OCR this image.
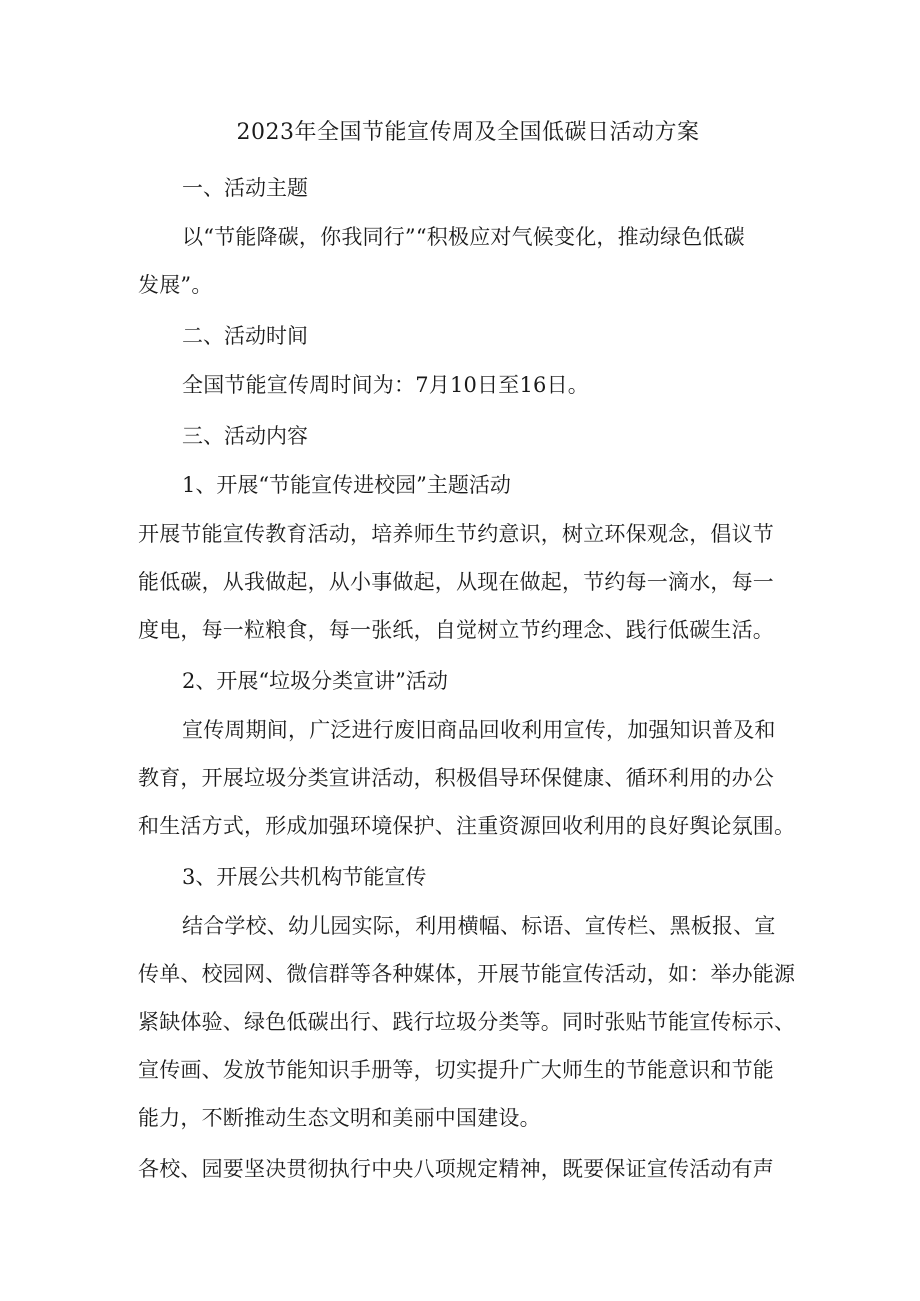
2023年全国节能宣传周及全国低碳日活动方案

一、活动主题

以“节能降碳，你我同行”“积极应对气候变化，推动绿色低碳
发展”。

二、活动时间

全国节能宣传周时间为：7月10日至16日。

三、活动内容

1、开展“节能宣传进校园”主题活动

开展节能宣传教育活动，培养师生节约意识，树立环保观念，倡议节
能低碳，从我做起，从小事做起，从现在做起，节约每一滴水，每一
度电，每一粒粮食，每一张纸，自觉树立节约理念、践行低碳生活。

2、开展“垃圾分类宣讲”活动

宣传周期间，广泛进行废旧商品回收利用宣传，加强知识普及和
教育，开展垃圾分类宣讲活动，积极倡导环保健康、循环利用的办公
和生活方式，形成加强环境保护、注重资源回收利用的良好舆论氛围。

3、开展公共机构节能宣传

结合学校、幼儿园实际，利用横幅、标语、宣传栏、黑板报、宣
传单、校园网、微信群等各种媒体，开展节能宣传活动，如：举办能源
紧缺体验、绿色低碳出行、践行垃圾分类等。同时张贴节能宣传标示、
宣传画、发放节能知识手册等，切实提升广大师生的节能意识和节能
能力，不断推动生态文明和美丽中国建设。
各校、园要坚决贯彻执行中央八项规定精神，既要保证宣传活动有声
